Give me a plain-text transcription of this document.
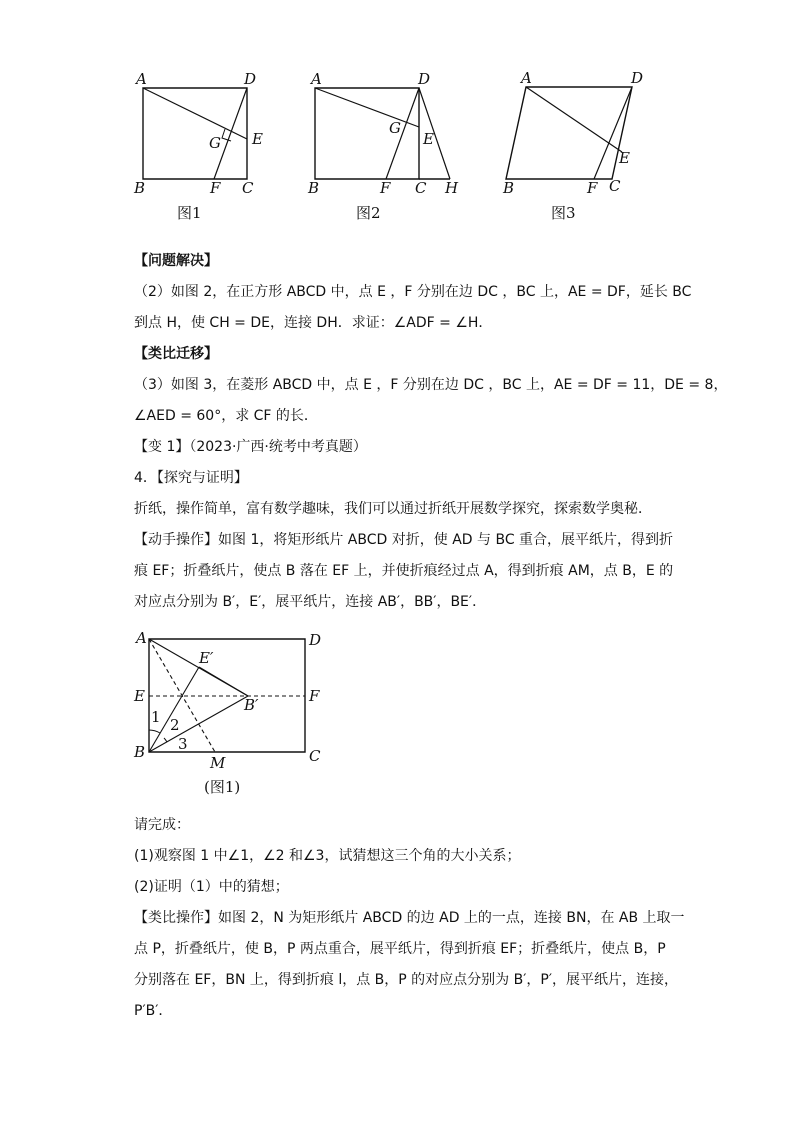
A	D
B	C
E
F
G
图1
A	D
B	C H
E
F
G
图2
A	D
B	C
E
F
图3

【问题解决】

（2）如图 2，在正方形 ABCD 中，点 E ，F 分别在边 DC ，BC 上，AE = DF，延长 BC

到点 H，使 CH = DE，连接 DH．求证：∠ADF = ∠H．

【类比迁移】

（3）如图 3，在菱形 ABCD 中，点 E ，F 分别在边 DC ，BC 上，AE = DF = 11，DE = 8，

∠AED = 60°，求 CF 的长．

【变 1】（2023·广西·统考中考真题）

4．【探究与证明】

折纸，操作简单，富有数学趣味，我们可以通过折纸开展数学探究，探索数学奥秘．

【动手操作】如图 1，将矩形纸片 ABCD 对折，使 AD 与 BC 重合，展平纸片，得到折

痕 EF；折叠纸片，使点 B 落在 EF 上，并使折痕经过点 A，得到折痕 AM，点 B，E 的

对应点分别为 B′，E′，展平纸片，连接 AB′，BB′，BE′．

A	D
E	F
B	C
M
E′
B′
1 2
3
(图1)

请完成：

(1)观察图 1 中∠1，∠2 和∠3，试猜想这三个角的大小关系；

(2)证明（1）中的猜想；

【类比操作】如图 2，N 为矩形纸片 ABCD 的边 AD 上的一点，连接 BN，在 AB 上取一

点 P，折叠纸片，使 B，P 两点重合，展平纸片，得到折痕 EF；折叠纸片，使点 B，P

分别落在 EF，BN 上，得到折痕 l，点 B，P 的对应点分别为 B′，P′，展平纸片，连接，

P′B′．
